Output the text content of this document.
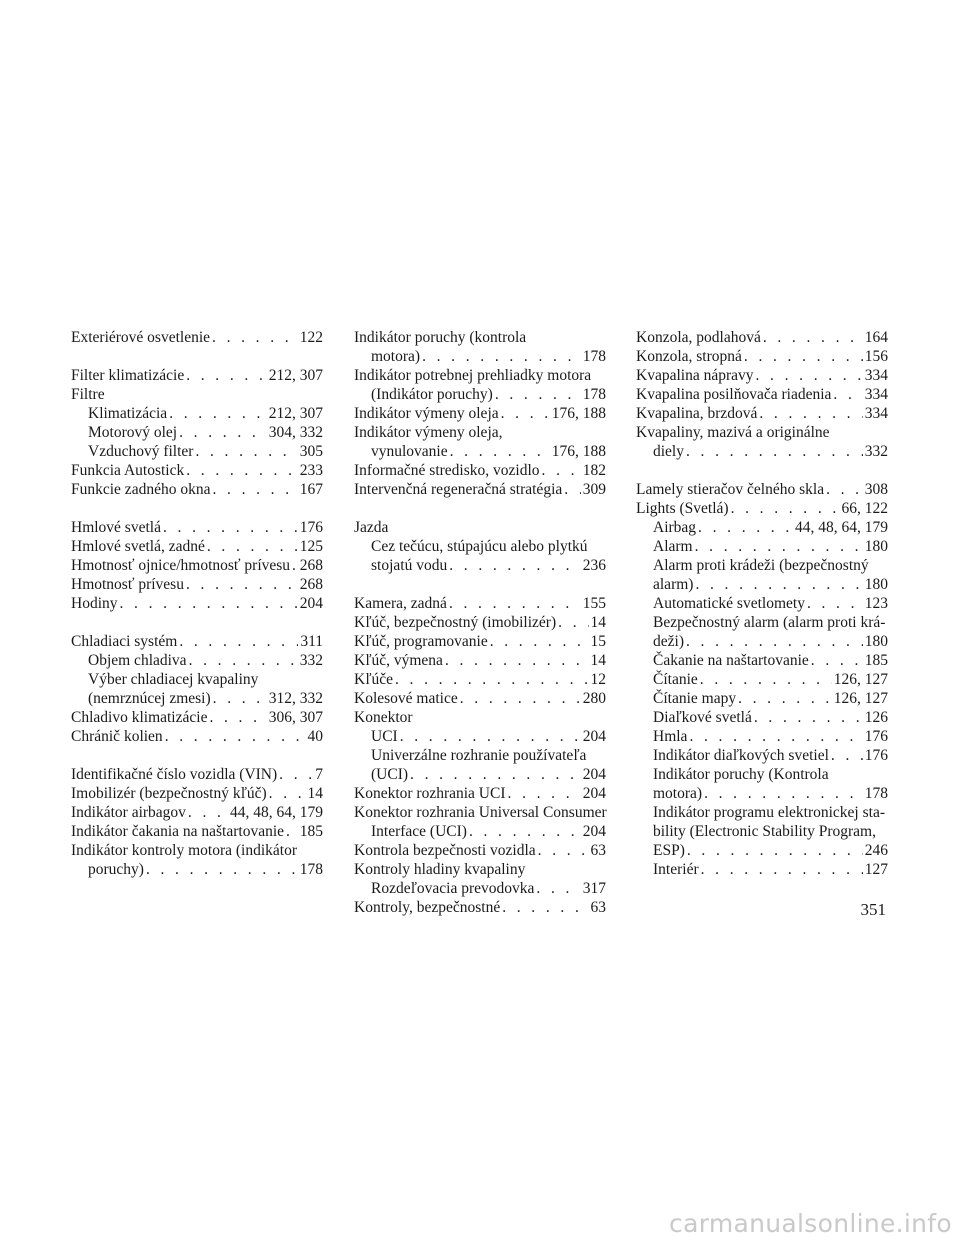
Exteriérové osvetlenie . . .	122
Filter klimatizácie . . .	212, 307
Filtre
Klimatizácia . . .	212, 307
Motorový olej . . .	304, 332
Vzduchový filter . . .	305
Funkcia Autostick . . .	233
Funkcie zadného okna . . .	167
Hmlové svetlá . . .	176
Hmlové svetlá, zadné . . .	125
Hmotnosť ojnice/hmotnosť prívesu . . . 268
Hmotnosť prívesu . . .	268
Hodiny . . .	204
Chladiaci systém . . .	311
Objem chladiva . . .	332
Výber chladiacej kvapaliny
(nemrznúcej zmesi) . . .	312, 332
Chladivo klimatizácie . . .	306, 307
Chránič kolien . . .	40
Identifikačné číslo vozidla (VIN) . . . 7
Imobilizér (bezpečnostný kľúč) . . .	14
Indikátor airbagov . . .	44, 48, 64, 179
Indikátor čakania na naštartovanie . . . 185
Indikátor kontroly motora (indikátor
poruchy) . . .	178
Indikátor poruchy (kontrola
motora) . . .	178
Indikátor potrebnej prehliadky motora
(Indikátor poruchy) . . .	178
Indikátor výmeny oleja . . .	176, 188
Indikátor výmeny oleja,
vynulovanie . . .	176, 188
Informačné stredisko, vozidlo . . .	182
Intervenčná regeneračná stratégia . . . 309
Jazda
Cez tečúcu, stúpajúcu alebo plytkú
stojatú vodu . . .	236
Kamera, zadná . . .	155
Kľúč, bezpečnostný (imobilizér) . . . 14
Kľúč, programovanie . . .	15
Kľúč, výmena . . .	14
Kľúče . . .	12
Kolesové matice . . .	280
Konektor
UCI . . .	204
Univerzálne rozhranie používateľa
(UCI) . . .	204
Konektor rozhrania UCI . . .	204
Konektor rozhrania Universal Consumer
Interface (UCI) . . .	204
Kontrola bezpečnosti vozidla . . .	63
Kontroly hladiny kvapaliny
Rozdeľovacia prevodovka . . .	317
Kontroly, bezpečnostné . . .	63
Konzola, podlahová . . .	164
Konzola, stropná . . .	156
Kvapalina nápravy . . .	334
Kvapalina posilňovača riadenia . . . 334
Kvapalina, brzdová . . .	334
Kvapaliny, mazivá a originálne
diely . . .	332
Lamely stieračov čelného skla . . .	308
Lights (Svetlá) . . .	66, 122
Airbag . . .	44, 48, 64, 179
Alarm . . .	180
Alarm proti krádeži (bezpečnostný
alarm) . . .	180
Automatické svetlomety . . .	123
Bezpečnostný alarm (alarm proti krá-
deži) . . .	180
Čakanie na naštartovanie . . .	185
Čítanie . . .	126, 127
Čítanie mapy . . .	126, 127
Diaľkové svetlá . . .	126
Hmla . . .	176
Indikátor diaľkových svetiel . . . 176
Indikátor poruchy (Kontrola
motora) . . .	178
Indikátor programu elektronickej sta-
bility (Electronic Stability Program,
ESP) . . .	246
Interiér . . .	127
351
carmanualsonline.info
